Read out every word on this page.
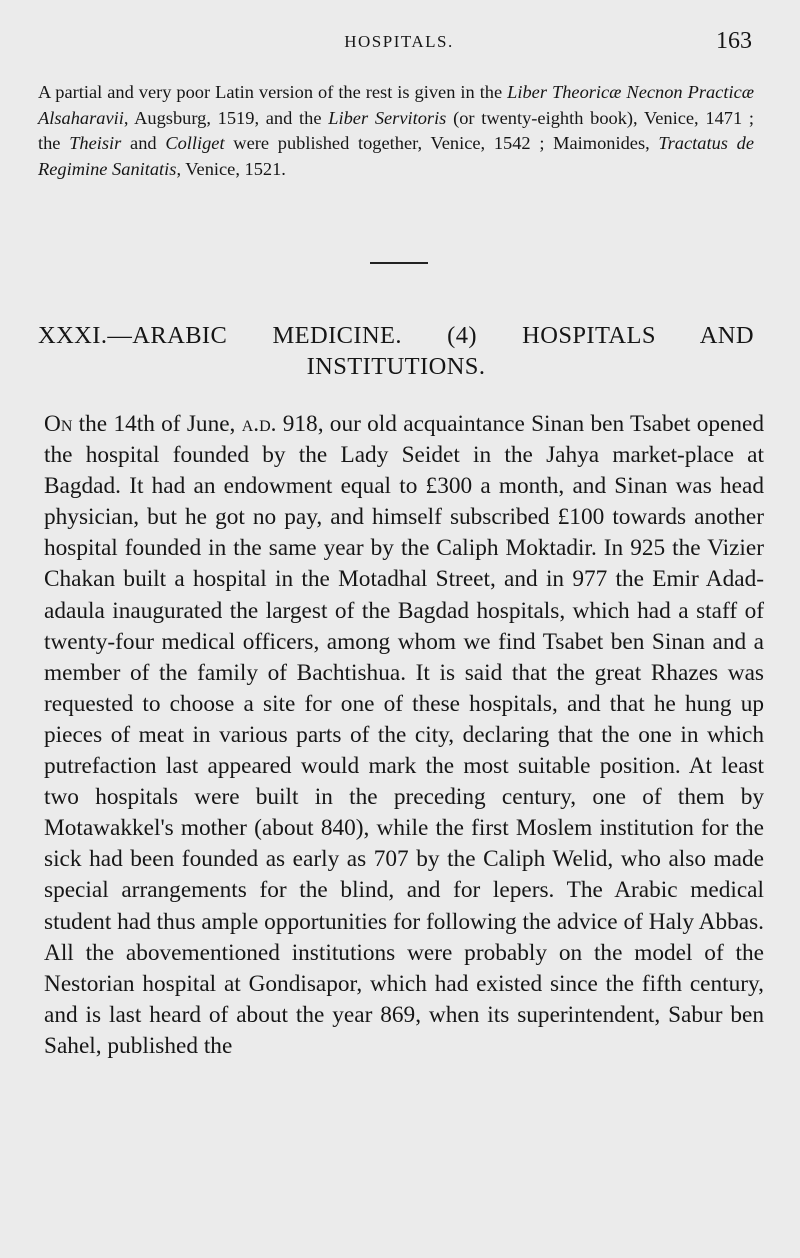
HOSPITALS.	163

A partial and very poor Latin version of the rest is given in the Liber Theoricæ Necnon Practicæ Alsaharavii, Augsburg, 1519, and the Liber Servitoris (or twenty-eighth book), Venice, 1471 ; the Theisir and Colliget were published together, Venice, 1542 ; Maimonides, Tractatus de Regimine Sanitatis, Venice, 1521.

XXXI.—ARABIC MEDICINE. (4) HOSPITALS AND
INSTITUTIONS.

On the 14th of June, a.d. 918, our old acquaintance Sinan ben Tsabet opened the hospital founded by the Lady Seidet in the Jahya market-place at Bagdad. It had an endowment equal to £300 a month, and Sinan was head physician, but he got no pay, and himself subscribed £100 towards another hospital founded in the same year by the Caliph Moktadir. In 925 the Vizier Chakan built a hospital in the Motadhal Street, and in 977 the Emir Adad-adaula inaugurated the largest of the Bagdad hospitals, which had a staff of twenty-four medical officers, among whom we find Tsabet ben Sinan and a member of the family of Bachtishua. It is said that the great Rhazes was requested to choose a site for one of these hospitals, and that he hung up pieces of meat in various parts of the city, declaring that the one in which putrefaction last appeared would mark the most suitable position. At least two hospitals were built in the preceding century, one of them by Motawakkel's mother (about 840), while the first Moslem institution for the sick had been founded as early as 707 by the Caliph Welid, who also made special arrangements for the blind, and for lepers. The Arabic medical student had thus ample opportunities for following the advice of Haly Abbas. All the abovementioned institutions were probably on the model of the Nestorian hospital at Gondisapor, which had existed since the fifth century, and is last heard of about the year 869, when its superintendent, Sabur ben Sahel, published the
